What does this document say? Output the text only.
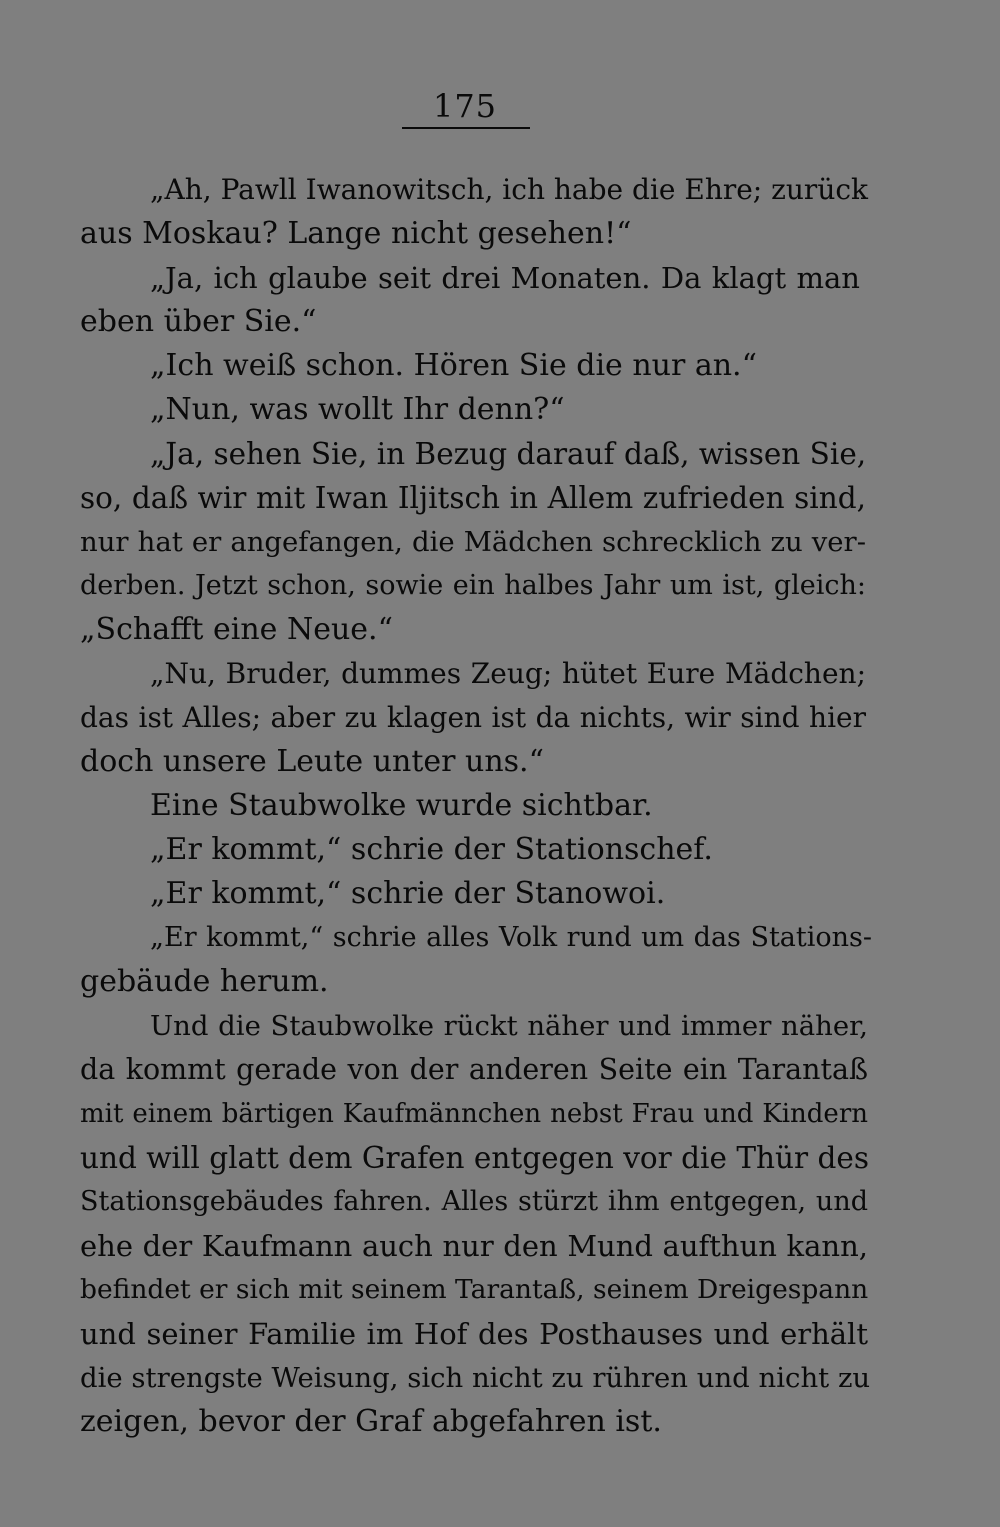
175
„Ah, Pawll Iwanowitsch, ich habe die Ehre; zurück
aus Moskau? Lange nicht gesehen!“
„Ja, ich glaube seit drei Monaten. Da klagt man
eben über Sie.“
„Ich weiß schon. Hören Sie die nur an.“
„Nun, was wollt Ihr denn?“
„Ja, sehen Sie, in Bezug darauf daß, wissen Sie,
so, daß wir mit Iwan Iljitsch in Allem zufrieden sind,
nur hat er angefangen, die Mädchen schrecklich zu ver-
derben. Jetzt schon, sowie ein halbes Jahr um ist, gleich:
„Schafft eine Neue.“
„Nu, Bruder, dummes Zeug; hütet Eure Mädchen;
das ist Alles; aber zu klagen ist da nichts, wir sind hier
doch unsere Leute unter uns.“
Eine Staubwolke wurde sichtbar.
„Er kommt,“ schrie der Stationschef.
„Er kommt,“ schrie der Stanowoi.
„Er kommt,“ schrie alles Volk rund um das Stations-
gebäude herum.
Und die Staubwolke rückt näher und immer näher,
da kommt gerade von der anderen Seite ein Tarantaß
mit einem bärtigen Kaufmännchen nebst Frau und Kindern
und will glatt dem Grafen entgegen vor die Thür des
Stationsgebäudes fahren. Alles stürzt ihm entgegen, und
ehe der Kaufmann auch nur den Mund aufthun kann,
befindet er sich mit seinem Tarantaß, seinem Dreigespann
und seiner Familie im Hof des Posthauses und erhält
die strengste Weisung, sich nicht zu rühren und nicht zu
zeigen, bevor der Graf abgefahren ist.
